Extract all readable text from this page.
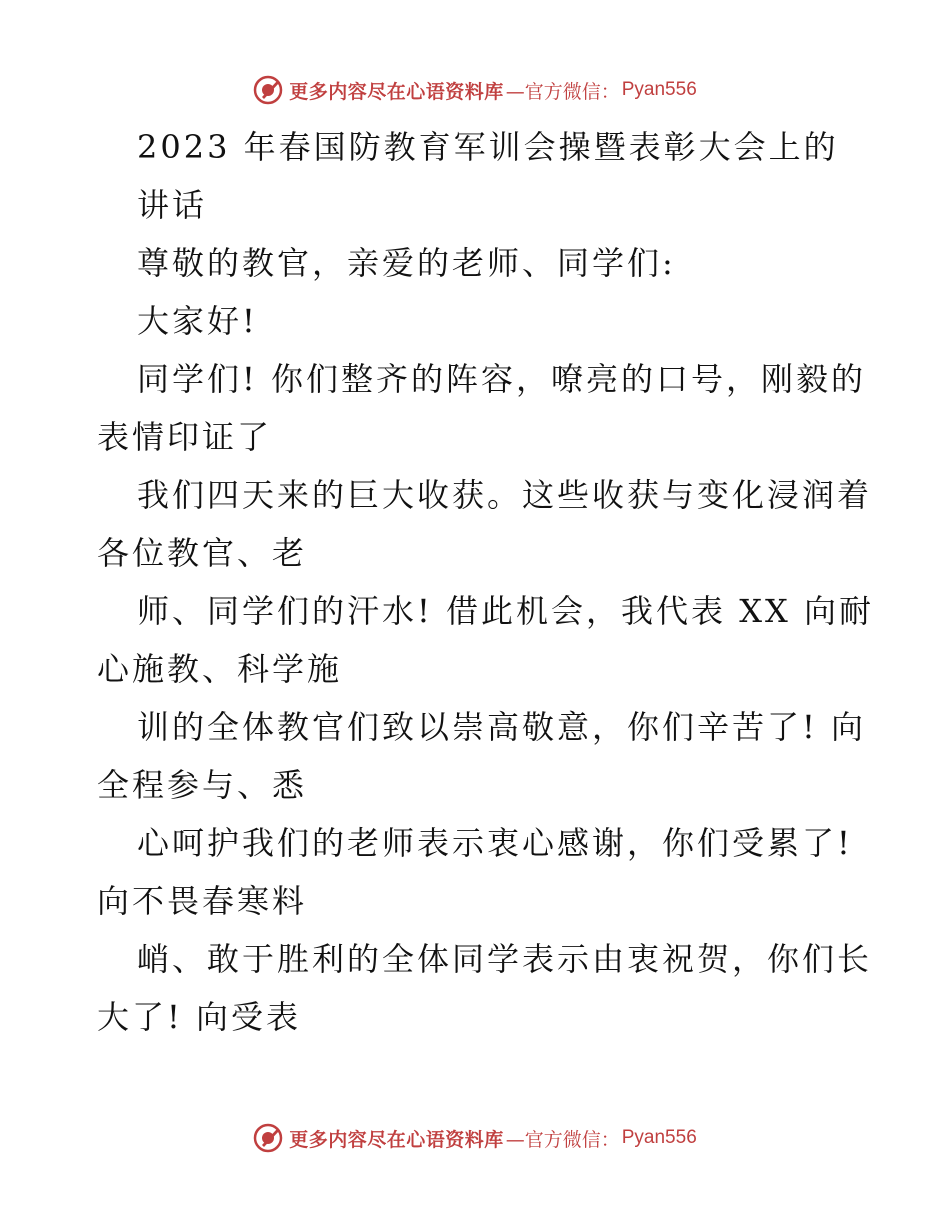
更多内容尽在心语资料库 —官方微信： Pyan556
2023 年春国防教育军训会操暨表彰大会上的
讲话
尊敬的教官，亲爱的老师、同学们:
大家好!
同学们! 你们整齐的阵容，嘹亮的口号，刚毅的
表情印证了
我们四天来的巨大收获。这些收获与变化浸润着
各位教官、老
师、同学们的汗水! 借此机会，我代表 XX 向耐
心施教、科学施
训的全体教官们致以崇高敬意，你们辛苦了! 向
全程参与、悉
心呵护我们的老师表示衷心感谢，你们受累了!
向不畏春寒料
峭、敢于胜利的全体同学表示由衷祝贺，你们长
大了! 向受表
更多内容尽在心语资料库 —官方微信： Pyan556
